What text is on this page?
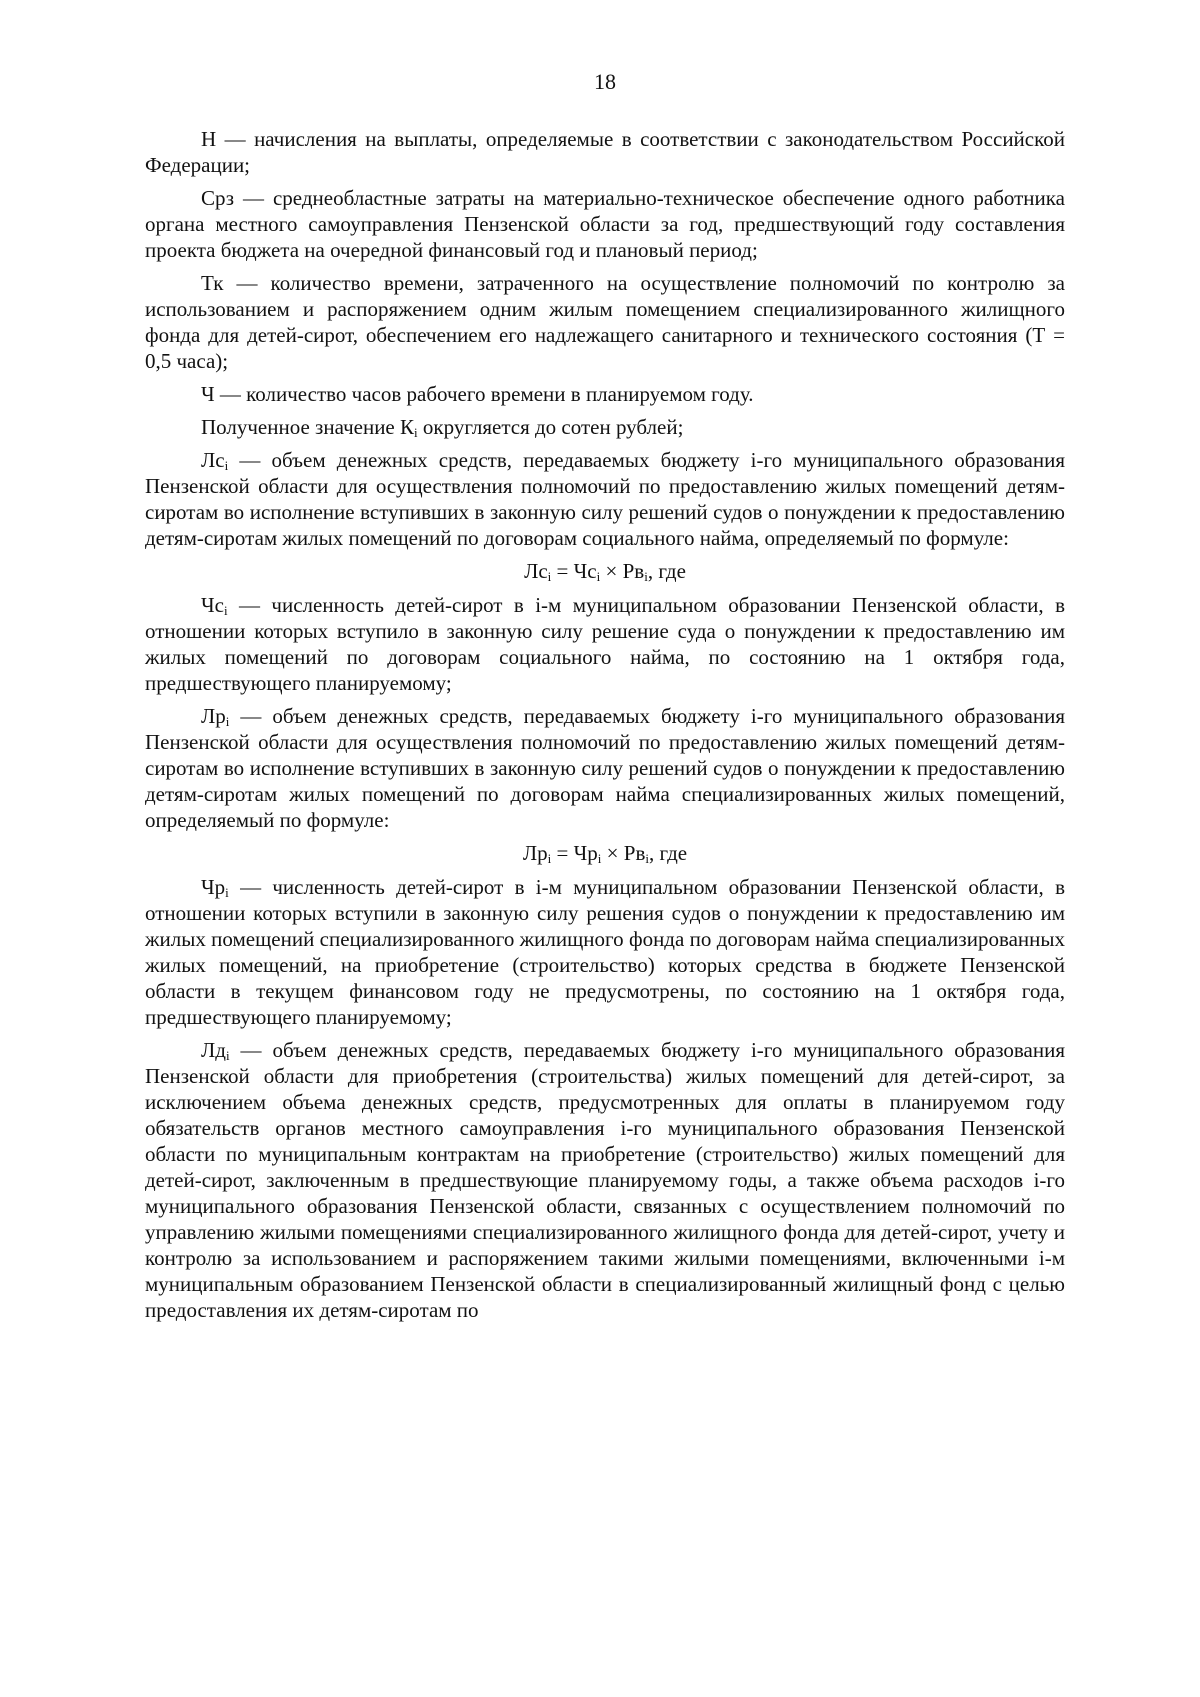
18

Н — начисления на выплаты, определяемые в соответствии с законодательством Российской Федерации;

Срз — среднеобластные затраты на материально-техническое обеспечение одного работника органа местного самоуправления Пензенской области за год, предшествующий году составления проекта бюджета на очередной финансовый год и плановый период;

Тк — количество времени, затраченного на осуществление полномочий по контролю за использованием и распоряжением одним жилым помещением специализированного жилищного фонда для детей-сирот, обеспечением его надлежащего санитарного и технического состояния (Т = 0,5 часа);

Ч — количество часов рабочего времени в планируемом году.

Полученное значение $К_i$ округляется до сотен рублей;

$Лс_i$ — объем денежных средств, передаваемых бюджету i-го муниципального образования Пензенской области для осуществления полномочий по предоставлению жилых помещений детям-сиротам во исполнение вступивших в законную силу решений судов о понуждении к предоставлению детям-сиротам жилых помещений по договорам социального найма, определяемый по формуле:

$Лс_i = Чс_i \times Рв_i$, где

$Чс_i$ — численность детей-сирот в i-м муниципальном образовании Пензенской области, в отношении которых вступило в законную силу решение суда о понуждении к предоставлению им жилых помещений по договорам социального найма, по состоянию на 1 октября года, предшествующего планируемому;

$Лр_i$ — объем денежных средств, передаваемых бюджету i-го муниципального образования Пензенской области для осуществления полномочий по предоставлению жилых помещений детям-сиротам во исполнение вступивших в законную силу решений судов о понуждении к предоставлению детям-сиротам жилых помещений по договорам найма специализированных жилых помещений, определяемый по формуле:

$Лр_i = Чр_i \times Рв_i$, где

$Чр_i$ — численность детей-сирот в i-м муниципальном образовании Пензенской области, в отношении которых вступили в законную силу решения судов о понуждении к предоставлению им жилых помещений специализированного жилищного фонда по договорам найма специализированных жилых помещений, на приобретение (строительство) которых средства в бюджете Пензенской области в текущем финансовом году не предусмотрены, по состоянию на 1 октября года, предшествующего планируемому;

$Лд_i$ — объем денежных средств, передаваемых бюджету i-го муниципального образования Пензенской области для приобретения (строительства) жилых помещений для детей-сирот, за исключением объема денежных средств, предусмотренных для оплаты в планируемом году обязательств органов местного самоуправления i-го муниципального образования Пензенской области по муниципальным контрактам на приобретение (строительство) жилых помещений для детей-сирот, заключенным в предшествующие планируемому годы, а также объема расходов i-го муниципального образования Пензенской области, связанных с осуществлением полномочий по управлению жилыми помещениями специализированного жилищного фонда для детей-сирот, учету и контролю за использованием и распоряжением такими жилыми помещениями, включенными i-м муниципальным образованием Пензенской области в специализированный жилищный фонд с целью предоставления их детям-сиротам по
